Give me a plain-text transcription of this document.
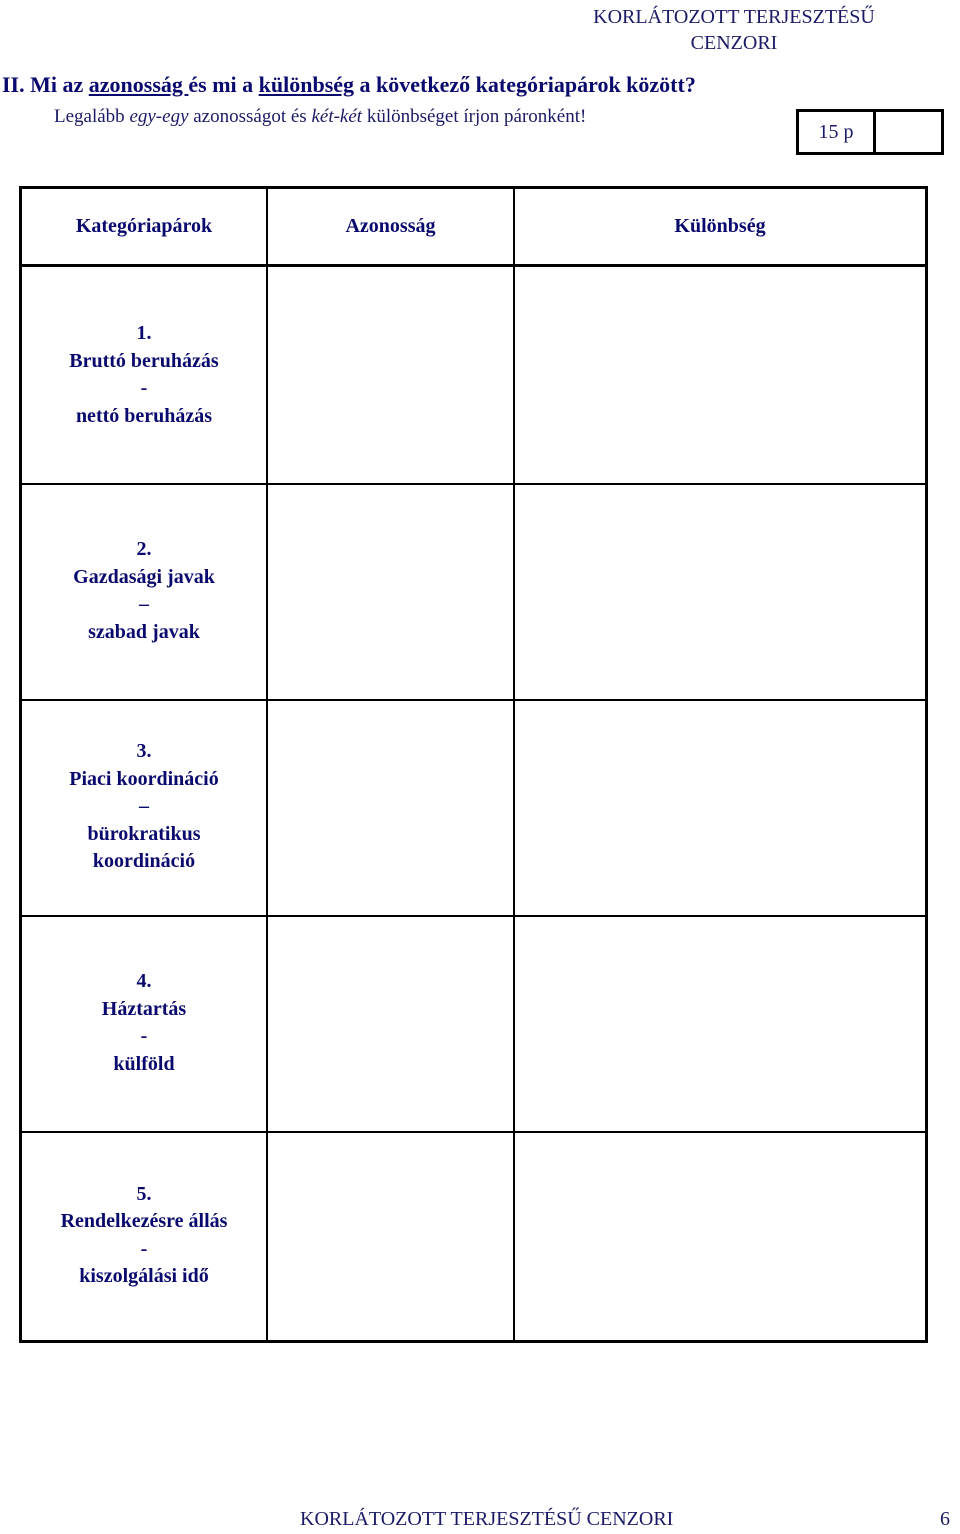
KORLÁTOZOTT TERJESZTÉSŰ
CENZORI
II. Mi az azonosság és mi a különbség a következő kategóriapárok között?
Legalább egy-egy azonosságot és két-két különbséget írjon páronként!
15 p
Kategóriapárok	Azonosság	Különbség
1.
Bruttó beruházás
-
nettó beruházás
2.
Gazdasági javak
–
szabad javak
3.
Piaci koordináció
–
bürokratikus
koordináció
4.
Háztartás
-
külföld
5.
Rendelkezésre állás
-
kiszolgálási idő
KORLÁTOZOTT TERJESZTÉSŰ CENZORI	6
